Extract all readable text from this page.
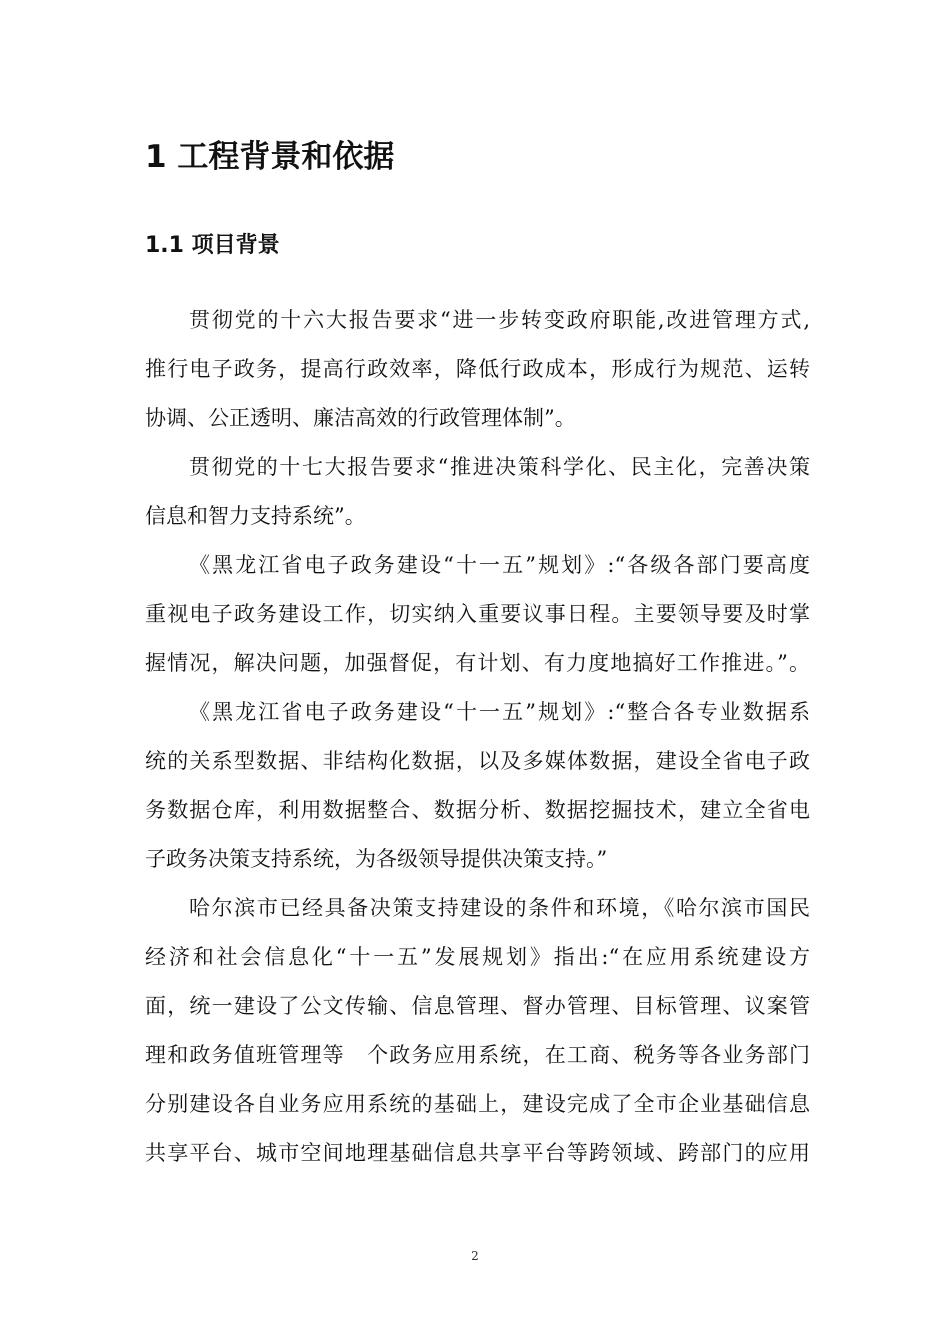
1 工程背景和依据
1.1 项目背景
贯彻党的十六大报告要求“进一步转变政府职能,改进管理方式,
推行电子政务，提高行政效率，降低行政成本，形成行为规范、运转
协调、公正透明、廉洁高效的行政管理体制”。
贯彻党的十七大报告要求“推进决策科学化、民主化，完善决策
信息和智力支持系统”。
《黑龙江省电子政务建设“十一五”规划》:“各级各部门要高度
重视电子政务建设工作，切实纳入重要议事日程。主要领导要及时掌
握情况，解决问题，加强督促，有计划、有力度地搞好工作推进。”。
《黑龙江省电子政务建设“十一五”规划》:“整合各专业数据系
统的关系型数据、非结构化数据，以及多媒体数据，建设全省电子政
务数据仓库，利用数据整合、数据分析、数据挖掘技术，建立全省电
子政务决策支持系统，为各级领导提供决策支持。”
哈尔滨市已经具备决策支持建设的条件和环境，《哈尔滨市国民
经济和社会信息化“十一五”发展规划》指出:“在应用系统建设方
面，统一建设了公文传输、信息管理、督办管理、目标管理、议案管
理和政务值班管理等　个政务应用系统，在工商、税务等各业务部门
分别建设各自业务应用系统的基础上，建设完成了全市企业基础信息
共享平台、城市空间地理基础信息共享平台等跨领域、跨部门的应用
2
